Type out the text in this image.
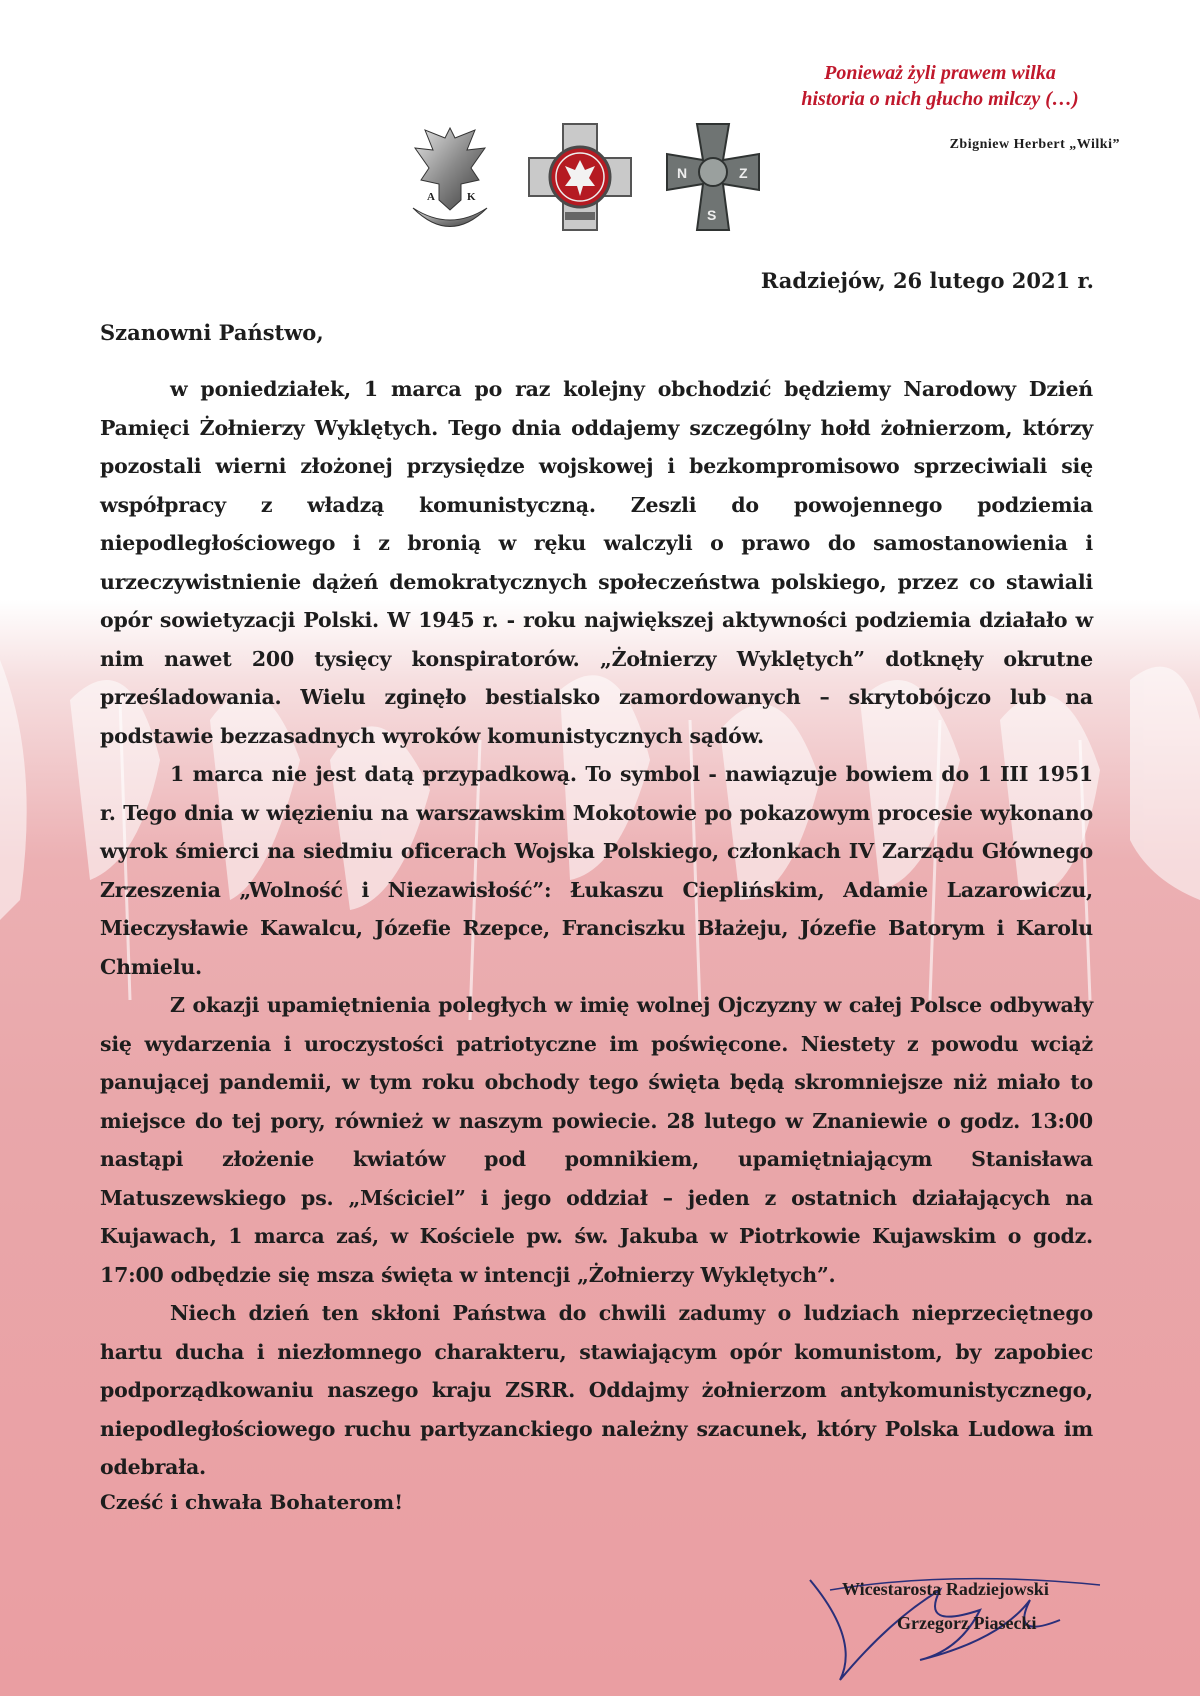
Ponieważ żyli prawem wilka
historia o nich głucho milczy (…)
Zbigniew Herbert „Wilki”
A	K
N	Z
S
Radziejów, 26 lutego 2021 r.
Szanowni Państwo,

w poniedziałek, 1 marca po raz kolejny obchodzić będziemy Narodowy Dzień Pamięci Żołnierzy Wyklętych. Tego dnia oddajemy szczególny hołd żołnierzom, którzy pozostali wierni złożonej przysiędze wojskowej i bezkompromisowo sprzeciwiali się współpracy z władzą komunistyczną. Zeszli do powojennego podziemia niepodległościowego i z bronią w ręku walczyli o prawo do samostanowienia i urzeczywistnienie dążeń demokratycznych społeczeństwa polskiego, przez co stawiali opór sowietyzacji Polski. W 1945 r. - roku największej aktywności podziemia działało w nim nawet 200 tysięcy konspiratorów. „Żołnierzy Wyklętych” dotknęły okrutne prześladowania. Wielu zginęło bestialsko zamordowanych – skrytobójczo lub na podstawie bezzasadnych wyroków komunistycznych sądów.

1 marca nie jest datą przypadkową. To symbol - nawiązuje bowiem do 1 III 1951 r. Tego dnia w więzieniu na warszawskim Mokotowie po pokazowym procesie wykonano wyrok śmierci na siedmiu oficerach Wojska Polskiego, członkach IV Zarządu Głównego Zrzeszenia „Wolność i Niezawisłość”: Łukaszu Cieplińskim, Adamie Lazarowiczu, Mieczysławie Kawalcu, Józefie Rzepce, Franciszku Błażeju, Józefie Batorym i Karolu Chmielu.

Z okazji upamiętnienia poległych w imię wolnej Ojczyzny w całej Polsce odbywały się wydarzenia i uroczystości patriotyczne im poświęcone. Niestety z powodu wciąż panującej pandemii, w tym roku obchody tego święta będą skromniejsze niż miało to miejsce do tej pory, również w naszym powiecie. 28 lutego w Znaniewie o godz. 13:00 nastąpi złożenie kwiatów pod pomnikiem, upamiętniającym Stanisława Matuszewskiego ps. „Mściciel” i jego oddział – jeden z ostatnich działających na Kujawach, 1 marca zaś, w Kościele pw. św. Jakuba w Piotrkowie Kujawskim o godz. 17:00 odbędzie się msza święta w intencji „Żołnierzy Wyklętych”.

Niech dzień ten skłoni Państwa do chwili zadumy o ludziach nieprzeciętnego hartu ducha i niezłomnego charakteru, stawiającym opór komunistom, by zapobiec podporządkowaniu naszego kraju ZSRR. Oddajmy żołnierzom antykomunistycznego, niepodległościowego ruchu partyzanckiego należny szacunek, który Polska Ludowa im odebrała.

Cześć i chwała Bohaterom!
Wicestarosta Radziejowski
Grzegorz Piasecki
